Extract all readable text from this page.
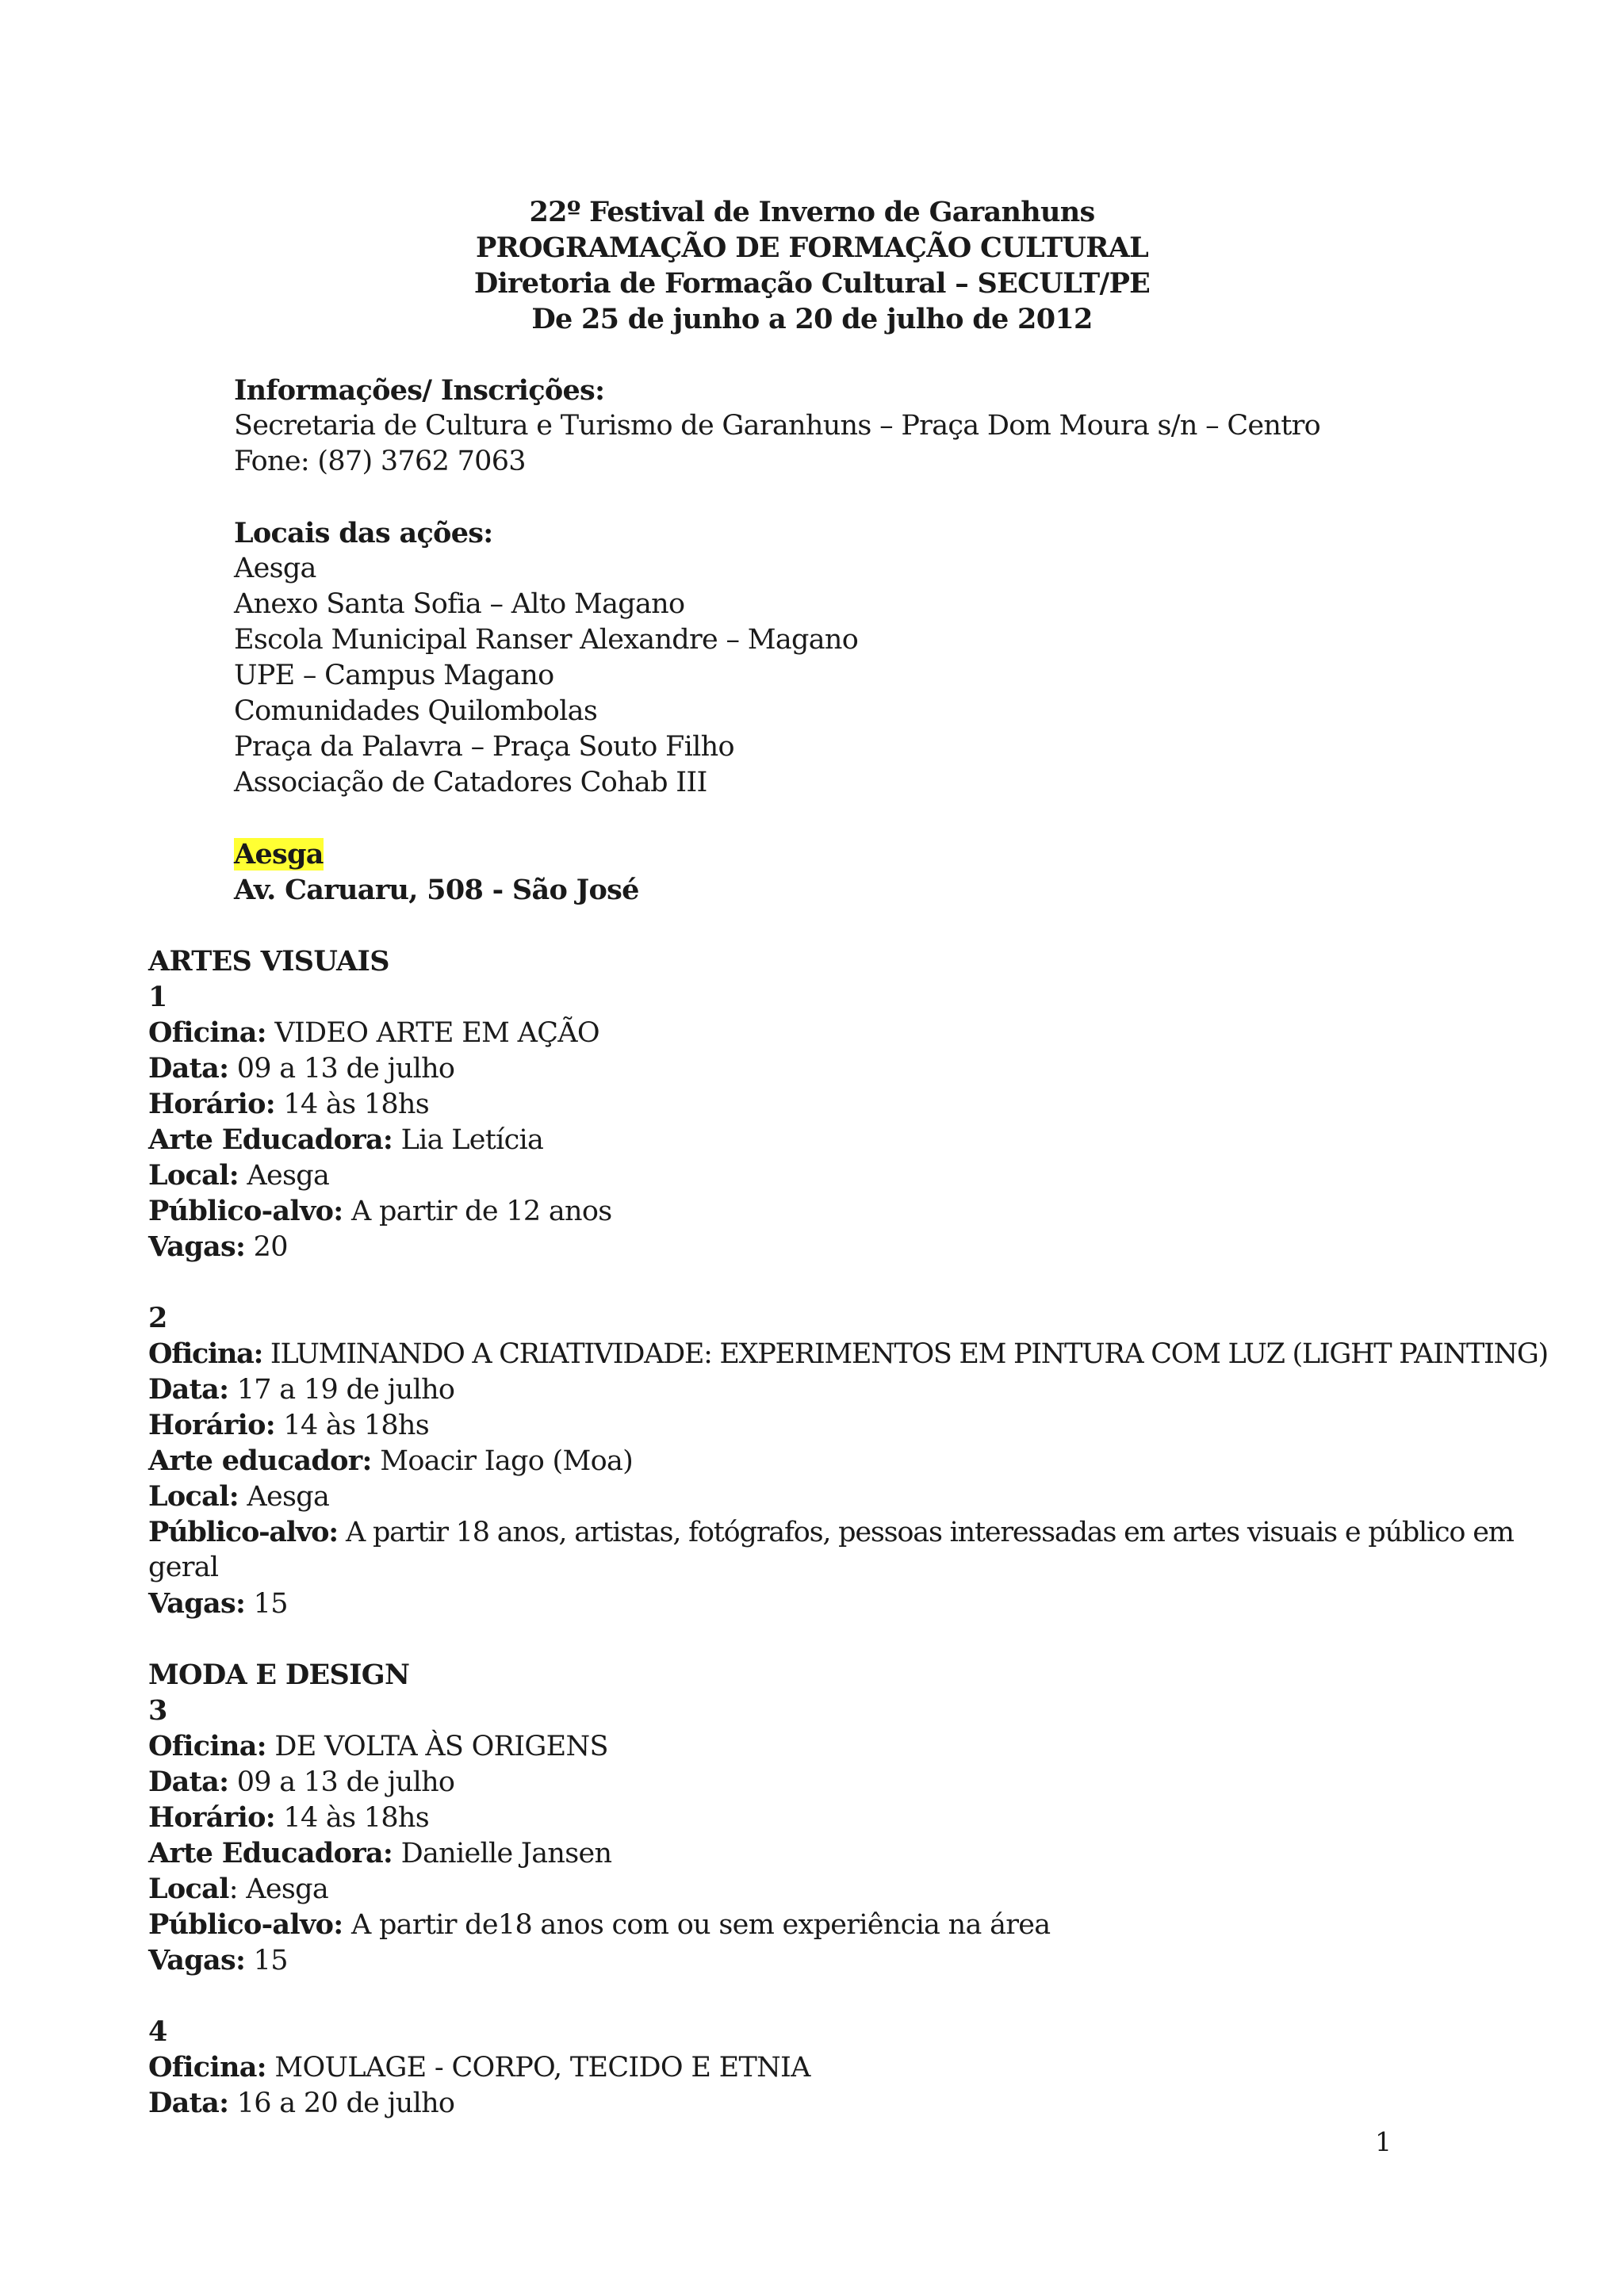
22º Festival de Inverno de Garanhuns
PROGRAMAÇÃO DE FORMAÇÃO CULTURAL
Diretoria de Formação Cultural – SECULT/PE
De 25 de junho a 20 de julho de 2012
Informações/ Inscrições:
Secretaria de Cultura e Turismo de Garanhuns – Praça Dom Moura s/n – Centro
Fone: (87) 3762 7063
Locais das ações:
Aesga
Anexo Santa Sofia – Alto Magano
Escola Municipal Ranser Alexandre – Magano
UPE – Campus Magano
Comunidades Quilombolas
Praça da Palavra – Praça Souto Filho
Associação de Catadores Cohab III
Aesga
Av. Caruaru, 508 - São José
ARTES VISUAIS
1
Oficina: VIDEO ARTE EM AÇÃO
Data: 09 a 13 de julho
Horário: 14 às 18hs
Arte Educadora: Lia Letícia
Local: Aesga
Público-alvo: A partir de 12 anos
Vagas: 20
2
Oficina: ILUMINANDO A CRIATIVIDADE: EXPERIMENTOS EM PINTURA COM LUZ (LIGHT PAINTING)
Data: 17 a 19 de julho
Horário: 14 às 18hs
Arte educador: Moacir Iago (Moa)
Local: Aesga
Público-alvo: A partir 18 anos, artistas, fotógrafos, pessoas interessadas em artes visuais e público em
geral
Vagas: 15
MODA E DESIGN
3
Oficina: DE VOLTA ÀS ORIGENS
Data: 09 a 13 de julho
Horário: 14 às 18hs
Arte Educadora: Danielle Jansen
Local: Aesga
Público-alvo: A partir de18 anos com ou sem experiência na área
Vagas: 15
4
Oficina: MOULAGE - CORPO, TECIDO E ETNIA
Data: 16 a 20 de julho
1
